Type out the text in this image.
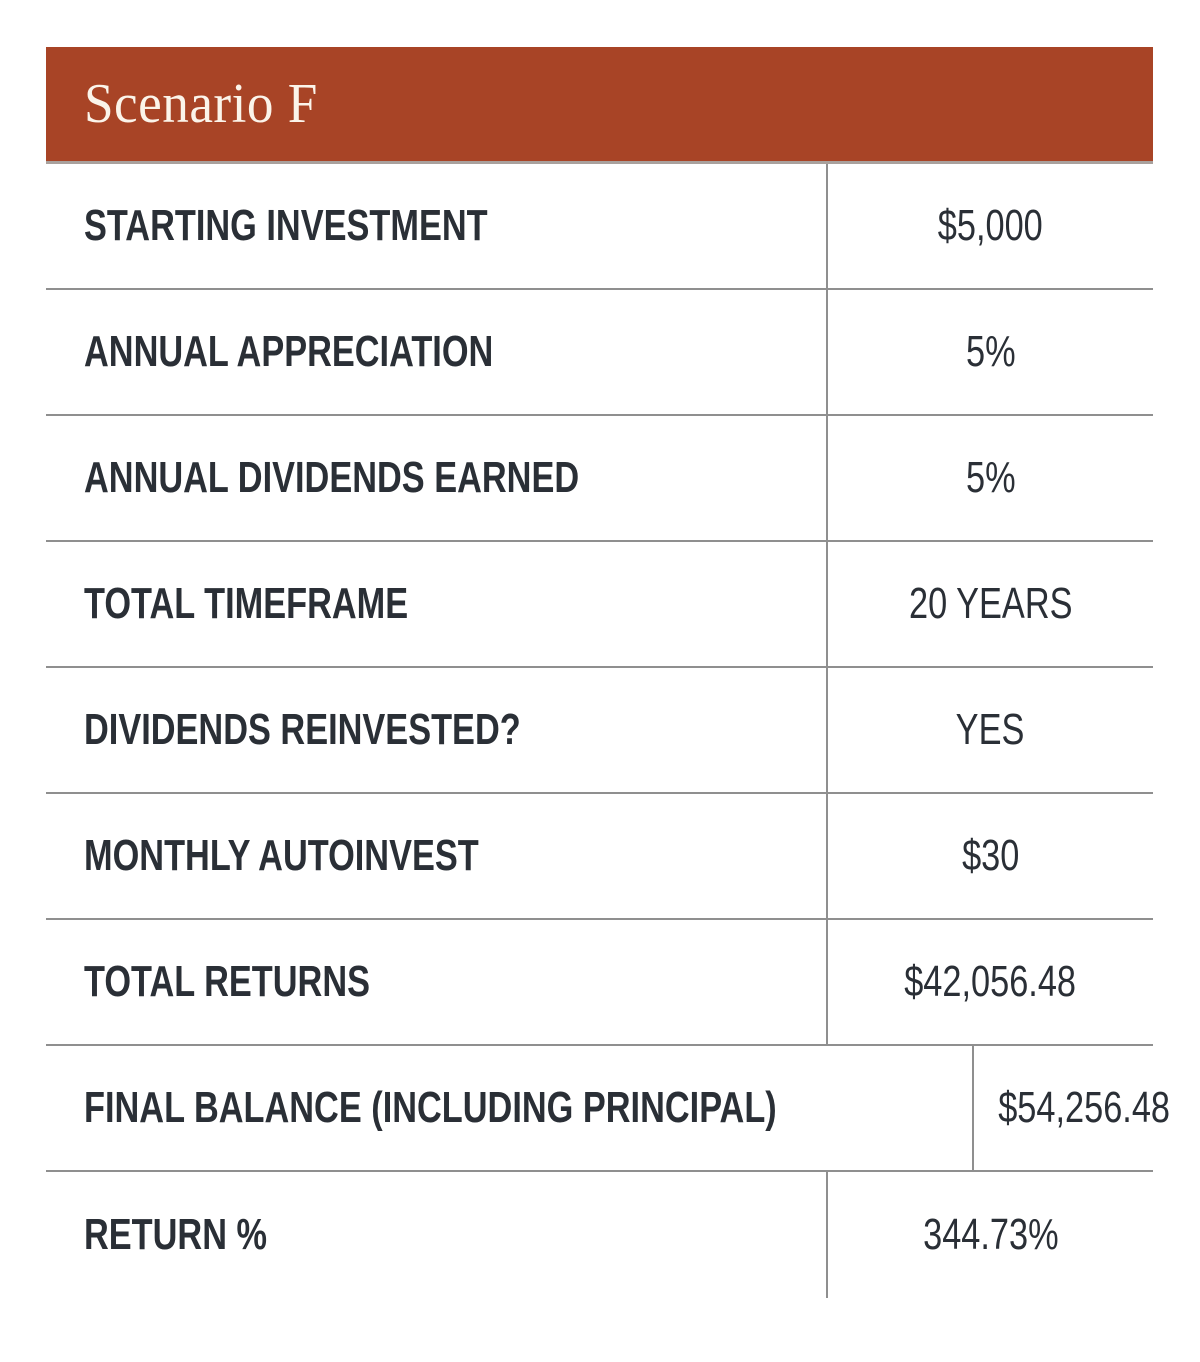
Scenario F
STARTING INVESTMENT	$5,000
ANNUAL APPRECIATION	5%
ANNUAL DIVIDENDS EARNED	5%
TOTAL TIMEFRAME	20 YEARS
DIVIDENDS REINVESTED?	YES
MONTHLY AUTOINVEST	$30
TOTAL RETURNS	$42,056.48
FINAL BALANCE (INCLUDING PRINCIPAL)	$54,256.48
RETURN %	344.73%
